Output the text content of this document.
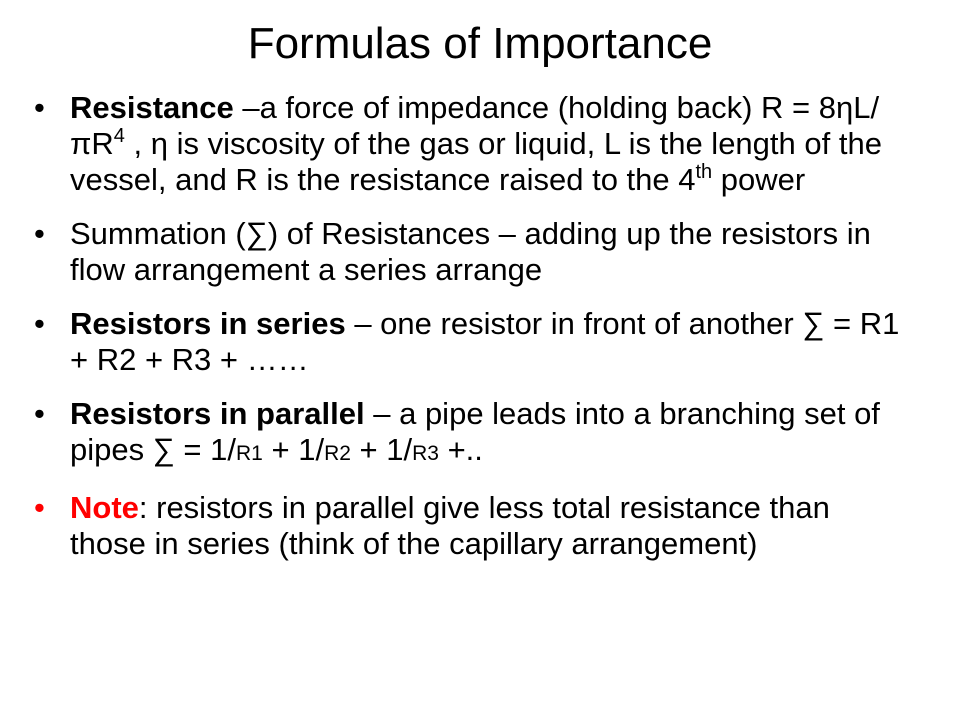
Formulas of Importance
• Resistance –a force of impedance (holding back) $R = 8\eta L/\pi R^4$ , η is viscosity of the gas or liquid, L is the length of the vessel, and R is the resistance raised to the 4th power
• Summation (∑) of Resistances – adding up the resistors in flow arrangement a series arrange
• Resistors in series – one resistor in front of another ∑ = R1 + R2 + R3 + ……
• Resistors in parallel – a pipe leads into a branching set of pipes ∑ = 1/R1 + 1/R2 + 1/R3 +..
• Note: resistors in parallel give less total resistance than those in series (think of the capillary arrangement)
